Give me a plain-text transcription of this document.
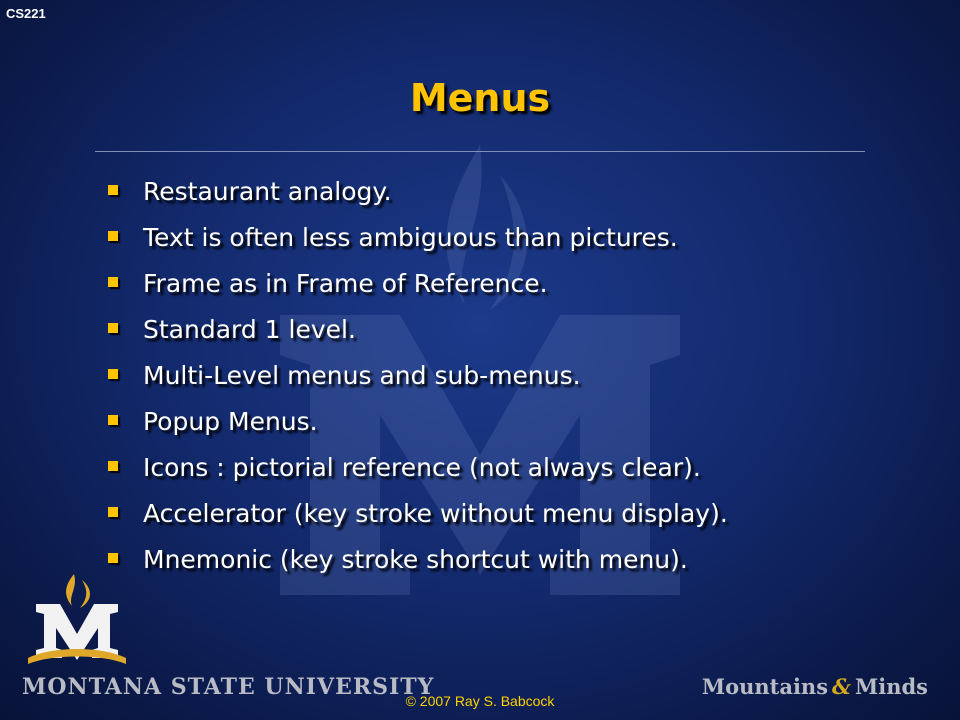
CS221
Menus
Restaurant analogy.
Text is often less ambiguous than pictures.
Frame as in Frame of Reference.
Standard 1 level.
Multi-Level menus and sub-menus.
Popup Menus.
Icons : pictorial reference (not always clear).
Accelerator (key stroke without menu display).
Mnemonic (key stroke shortcut with menu).
MONTANA STATE UNIVERSITY	Mountains & Minds
© 2007 Ray S. Babcock
